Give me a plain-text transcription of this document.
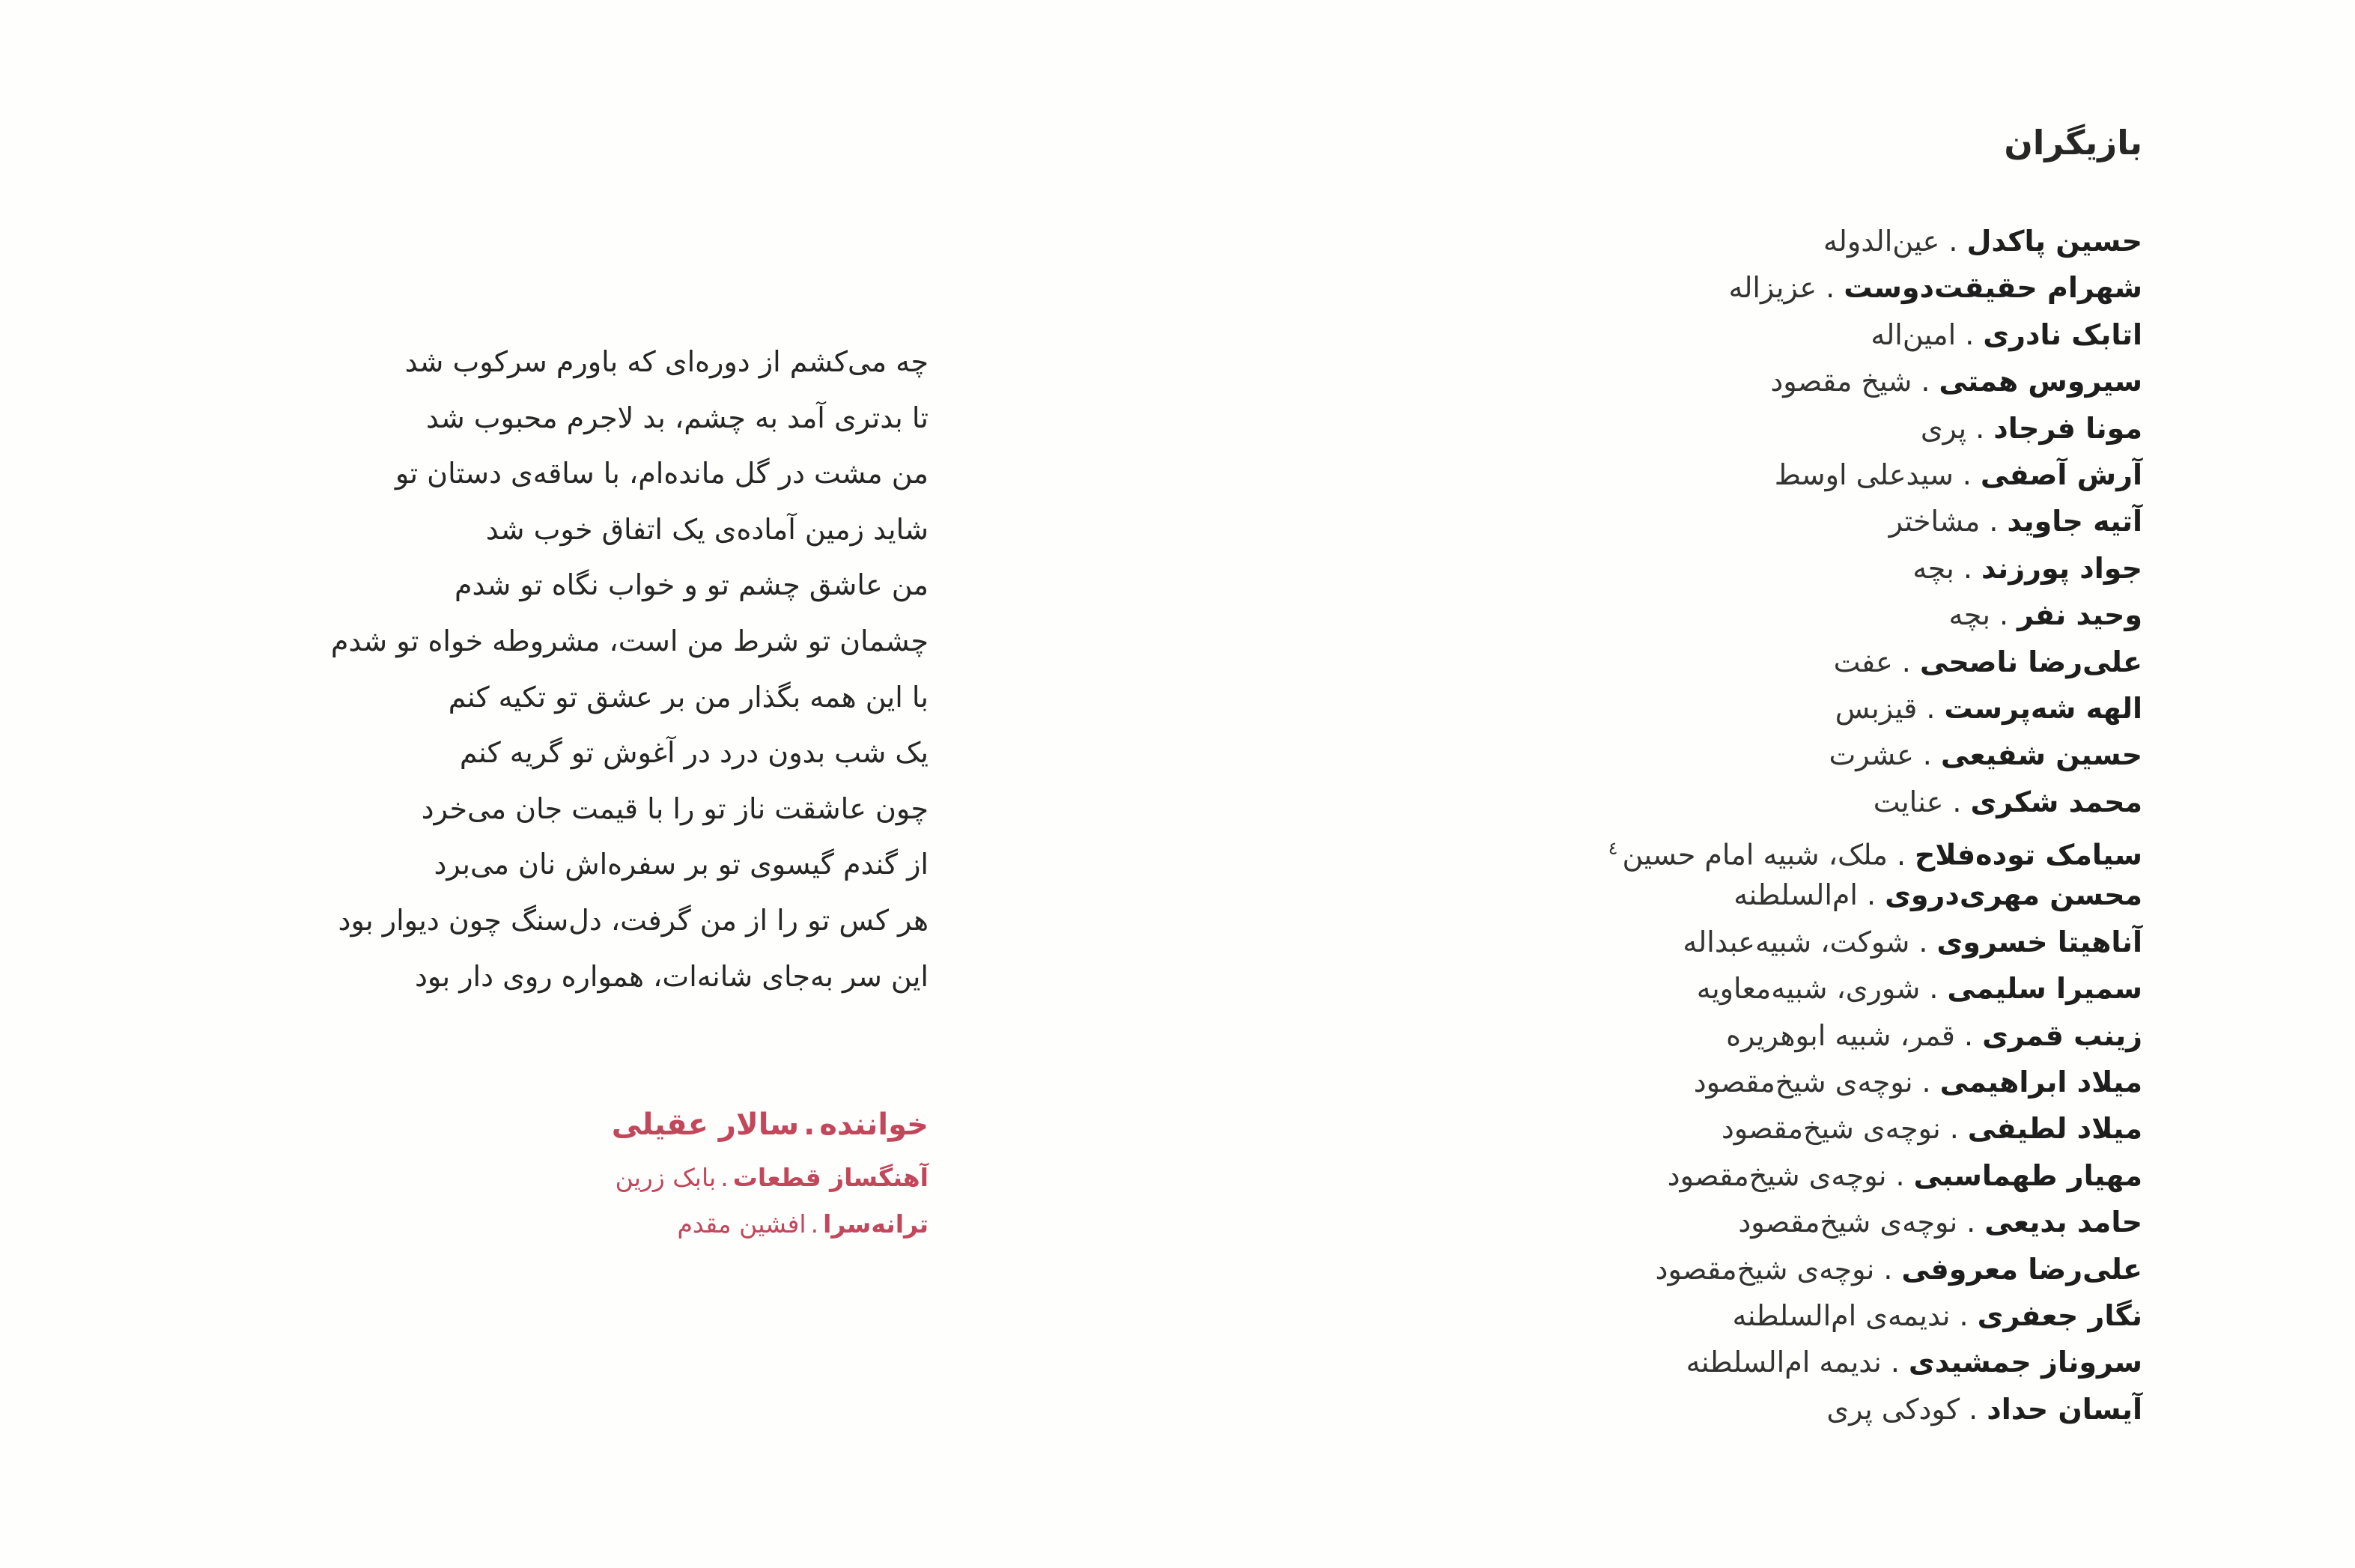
بازیگران
حسین پاکدل.عین‌الدوله
شهرام حقیقت‌دوست.عزیزاله
اتابک نادری.امین‌اله
سیروس همتی.شیخ مقصود
مونا فرجاد.پری
آرش آصفی.سیدعلی اوسط
آتیه جاوید.مشاختر
جواد پورزند.بچه
وحید نفر.بچه
علی‌رضا ناصحی.عفت
الهه شه‌پرست.قیزبس
حسین شفیعی.عشرت
محمد شکری.عنایت
سیامک توده‌فلاح.ملک، شبیه امام حسین$^٤$
محسن مهری‌دروی.ام‌السلطنه
آناهیتا خسروی.شوکت، شبیه‌عبداله
سمیرا سلیمی.شوری، شبیه‌معاویه
زینب قمری.قمر، شبیه ابوهریره
میلاد ابراهیمی.نوچه‌ی شیخ‌مقصود
میلاد لطیفی.نوچه‌ی شیخ‌مقصود
مهیار طهماسبی.نوچه‌ی شیخ‌مقصود
حامد بدیعی.نوچه‌ی شیخ‌مقصود
علی‌رضا معروفی.نوچه‌ی شیخ‌مقصود
نگار جعفری.ندیمه‌ی ام‌السلطنه
سروناز جمشیدی.ندیمه ام‌السلطنه
آیسان حداد.کودکی پری
چه می‌کشم از دوره‌ای که باورم سرکوب شد
تا بدتری آمد به چشم، بد لاجرم محبوب شد
من مشت در گل مانده‌ام، با ساقه‌ی دستان تو
شاید زمین آماده‌ی یک اتفاق خوب شد
من عاشق چشم تو و خواب نگاه تو شدم
چشمان تو شرط من است، مشروطه خواه تو شدم
با این همه بگذار من بر عشق تو تکیه کنم
یک شب بدون درد در آغوش تو گریه کنم
چون عاشقت ناز تو را با قیمت جان می‌خرد
از گندم گیسوی تو بر سفره‌اش نان می‌برد
هر کس تو را از من گرفت، دل‌سنگ چون دیوار بود
این سر به‌جای شانه‌ات، همواره روی دار بود
خواننده.سالار عقیلی
آهنگساز قطعات.بابک زرین
ترانه‌سرا.افشین مقدم
